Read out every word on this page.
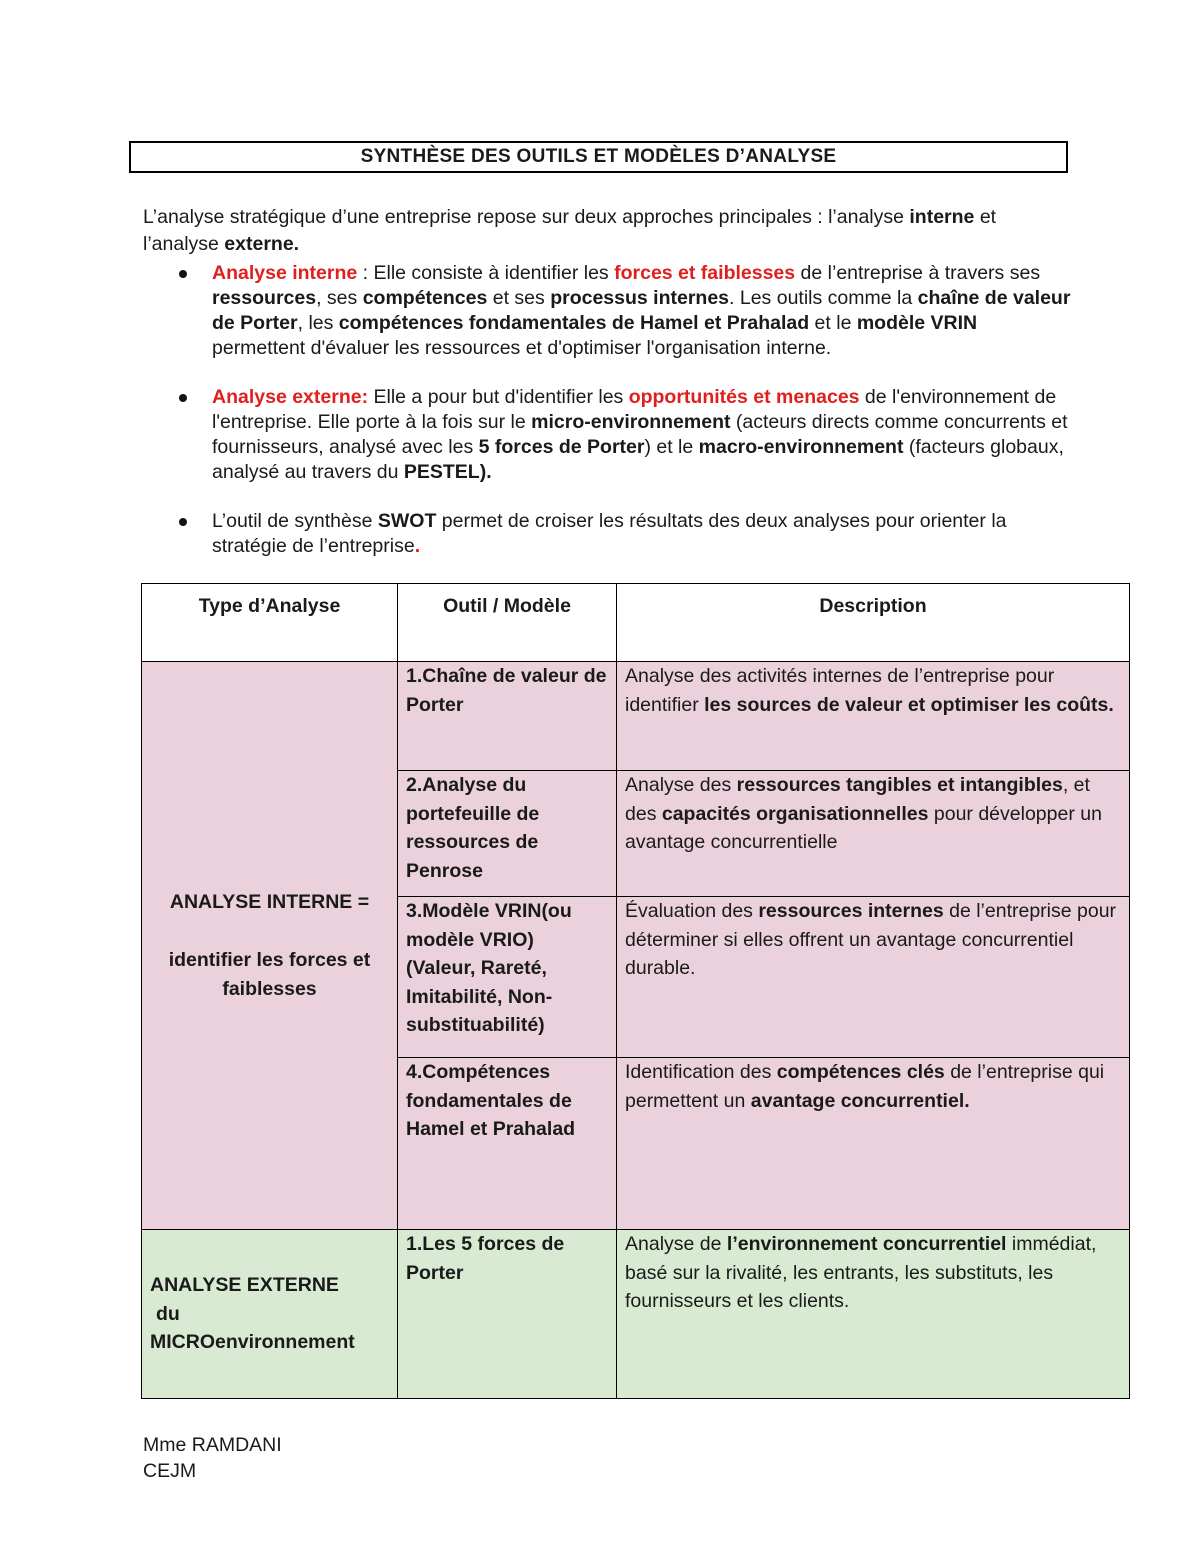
SYNTHÈSE DES OUTILS ET MODÈLES D’ANALYSE
L’analyse stratégique d’une entreprise repose sur deux approches principales : l’analyse interne et l’analyse externe.
Analyse interne : Elle consiste à identifier les forces et faiblesses de l’entreprise à travers ses ressources, ses compétences et ses processus internes. Les outils comme la chaîne de valeur de Porter, les compétences fondamentales de Hamel et Prahalad et le modèle VRIN permettent d'évaluer les ressources et d'optimiser l'organisation interne.
Analyse externe: Elle a pour but d'identifier les opportunités et menaces de l'environnement de l'entreprise. Elle porte à la fois sur le micro-environnement (acteurs directs comme concurrents et fournisseurs, analysé avec les 5 forces de Porter) et le macro-environnement (facteurs globaux, analysé au travers du PESTEL).
L’outil de synthèse SWOT permet de croiser les résultats des deux analyses pour orienter la stratégie de l’entreprise.
Type d’Analyse	Outil / Modèle	Description

ANALYSE INTERNE =
identifier les forces et faiblesses	1.Chaîne de valeur de Porter	Analyse des activités internes de l’entreprise pour identifier les sources de valeur et optimiser les coûts.
	2.Analyse du portefeuille de ressources de Penrose	Analyse des ressources tangibles et intangibles, et des capacités organisationnelles pour développer un avantage concurrentielle
	3.Modèle VRIN(ou modèle VRIO) (Valeur, Rareté, Imitabilité, Non-substituabilité)	Évaluation des ressources internes de l’entreprise pour déterminer si elles offrent un avantage concurrentiel durable.
	4.Compétences fondamentales de Hamel et Prahalad	Identification des compétences clés de l’entreprise qui permettent un avantage concurrentiel.

ANALYSE EXTERNE
du
MICROenvironnement	1.Les 5 forces de Porter	Analyse de l’environnement concurrentiel immédiat, basé sur la rivalité, les entrants, les substituts, les fournisseurs et les clients.
Mme RAMDANI
CEJM
